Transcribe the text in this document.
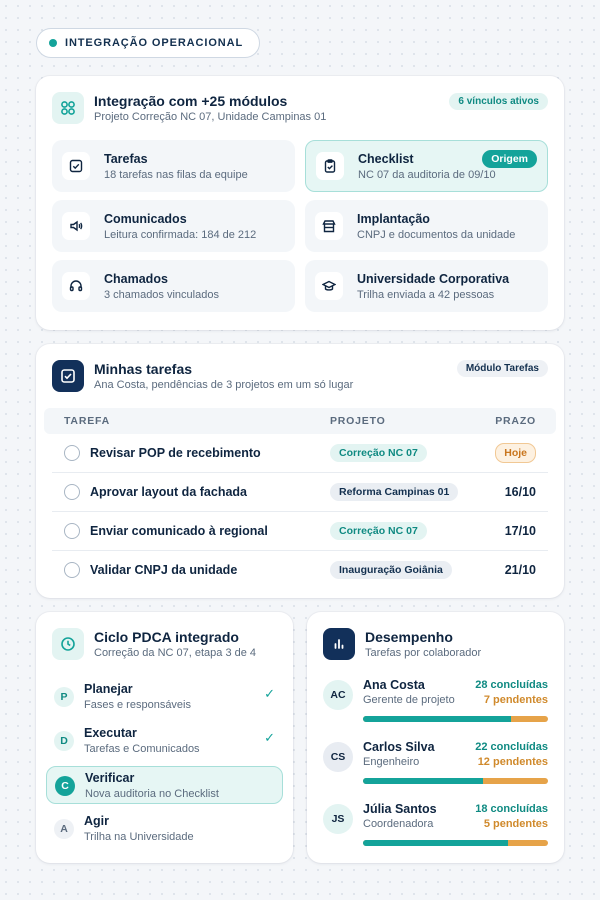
INTEGRAÇÃO OPERACIONAL
Integração com +25 módulos
Projeto Correção NC 07, Unidade Campinas 01
6 vínculos ativos
Tarefas
18 tarefas nas filas da equipe
Checklist
NC 07 da auditoria de 09/10
Origem
Comunicados
Leitura confirmada: 184 de 212
Implantação
CNPJ e documentos da unidade
Chamados
3 chamados vinculados
Universidade Corporativa
Trilha enviada a 42 pessoas
Minhas tarefas
Ana Costa, pendências de 3 projetos em um só lugar
Módulo Tarefas
TAREFA	PROJETO	PRAZO
Revisar POP de recebimento	Correção NC 07	Hoje
Aprovar layout da fachada	Reforma Campinas 01	16/10
Enviar comunicado à regional	Correção NC 07	17/10
Validar CNPJ da unidade	Inauguração Goiânia	21/10
Ciclo PDCA integrado
Correção da NC 07, etapa 3 de 4
P
Planejar
Fases e responsáveis
✓
D
Executar
Tarefas e Comunicados
✓
C
Verificar
Nova auditoria no Checklist
A
Agir
Trilha na Universidade
Desempenho
Tarefas por colaborador
AC
Ana Costa
Gerente de projeto
28 concluídas
7 pendentes
CS
Carlos Silva
Engenheiro
22 concluídas
12 pendentes
JS
Júlia Santos
Coordenadora
18 concluídas
5 pendentes
